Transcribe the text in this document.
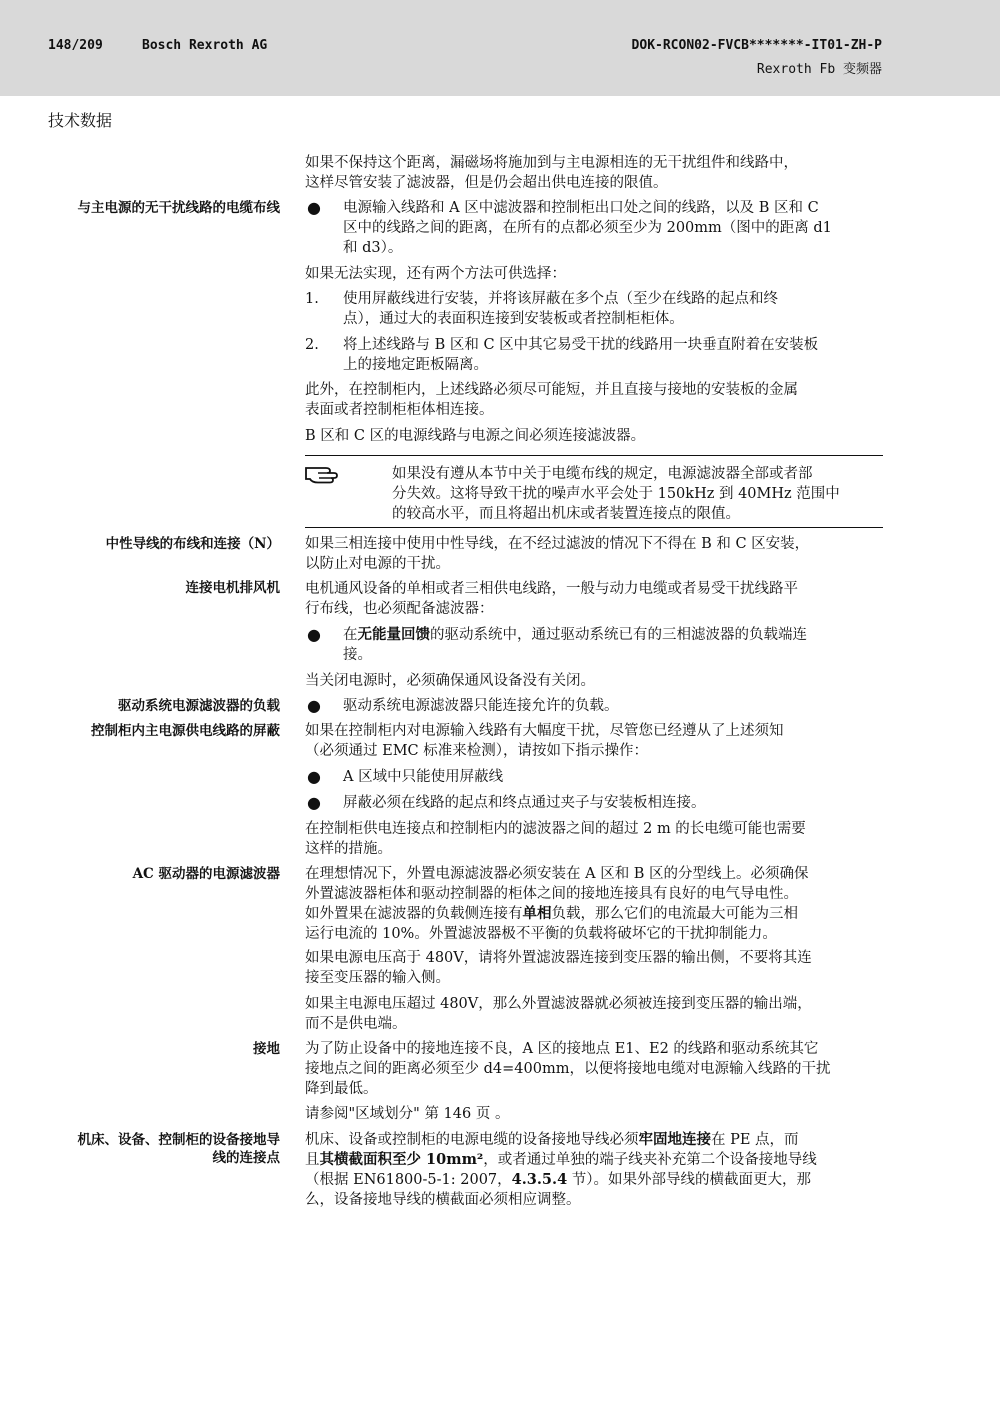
148/209	Bosch Rexroth AG	DOK-RCON02-FVCB*******-IT01-ZH-P
Rexroth Fb 变频器
技术数据
如果不保持这个距离，漏磁场将施加到与主电源相连的无干扰组件和线路中，
这样尽管安装了滤波器，但是仍会超出供电连接的限值。
与主电源的无干扰线路的电缆布线 ● 电源输入线路和 A 区中滤波器和控制柜出口处之间的线路，以及 B 区和 C
区中的线路之间的距离，在所有的点都必须至少为 200mm（图中的距离 d1
和 d3）。
如果无法实现，还有两个方法可供选择：
1. 使用屏蔽线进行安装，并将该屏蔽在多个点（至少在线路的起点和终
点），通过大的表面积连接到安装板或者控制柜柜体。
2. 将上述线路与 B 区和 C 区中其它易受干扰的线路用一块垂直附着在安装板
上的接地定距板隔离。
此外，在控制柜内，上述线路必须尽可能短，并且直接与接地的安装板的金属
表面或者控制柜柜体相连接。
B 区和 C 区的电源线路与电源之间必须连接滤波器。
如果没有遵从本节中关于电缆布线的规定，电源滤波器全部或者部
分失效。这将导致干扰的噪声水平会处于 150kHz 到 40MHz 范围中
的较高水平，而且将超出机床或者装置连接点的限值。
中性导线的布线和连接（N） 如果三相连接中使用中性导线，在不经过滤波的情况下不得在 B 和 C 区安装，
以防止对电源的干扰。
连接电机排风机 电机通风设备的单相或者三相供电线路，一般与动力电缆或者易受干扰线路平
行布线，也必须配备滤波器：
● 在无能量回馈的驱动系统中，通过驱动系统已有的三相滤波器的负载端连
接。
当关闭电源时，必须确保通风设备没有关闭。
驱动系统电源滤波器的负载 ● 驱动系统电源滤波器只能连接允许的负载。
控制柜内主电源供电线路的屏蔽 如果在控制柜内对电源输入线路有大幅度干扰，尽管您已经遵从了上述须知
（必须通过 EMC 标准来检测），请按如下指示操作：
● A 区域中只能使用屏蔽线
● 屏蔽必须在线路的起点和终点通过夹子与安装板相连接。
在控制柜供电连接点和控制柜内的滤波器之间的超过 2 m 的长电缆可能也需要
这样的措施。
AC 驱动器的电源滤波器 在理想情况下，外置电源滤波器必须安装在 A 区和 B 区的分型线上。必须确保
外置滤波器柜体和驱动控制器的柜体之间的接地连接具有良好的电气导电性。
如外置果在滤波器的负载侧连接有单相负载，那么它们的电流最大可能为三相
运行电流的 10%。外置滤波器极不平衡的负载将破坏它的干扰抑制能力。
如果电源电压高于 480V，请将外置滤波器连接到变压器的输出侧，不要将其连
接至变压器的输入侧。
如果主电源电压超过 480V，那么外置滤波器就必须被连接到变压器的输出端，
而不是供电端。
接地 为了防止设备中的接地连接不良，A 区的接地点 E1、E2 的线路和驱动系统其它
接地点之间的距离必须至少 d4=400mm，以便将接地电缆对电源输入线路的干扰
降到最低。
请参阅"区域划分" 第 146 页 。
机床、设备、控制柜的设备接地导
线的连接点
机床、设备或控制柜的电源电缆的设备接地导线必须牢固地连接在 PE 点，而
且其横截面积至少 10mm²，或者通过单独的端子线夹补充第二个设备接地导线
（根据 EN61800-5-1: 2007，4.3.5.4 节）。如果外部导线的横截面更大，那
么，设备接地导线的横截面必须相应调整。
